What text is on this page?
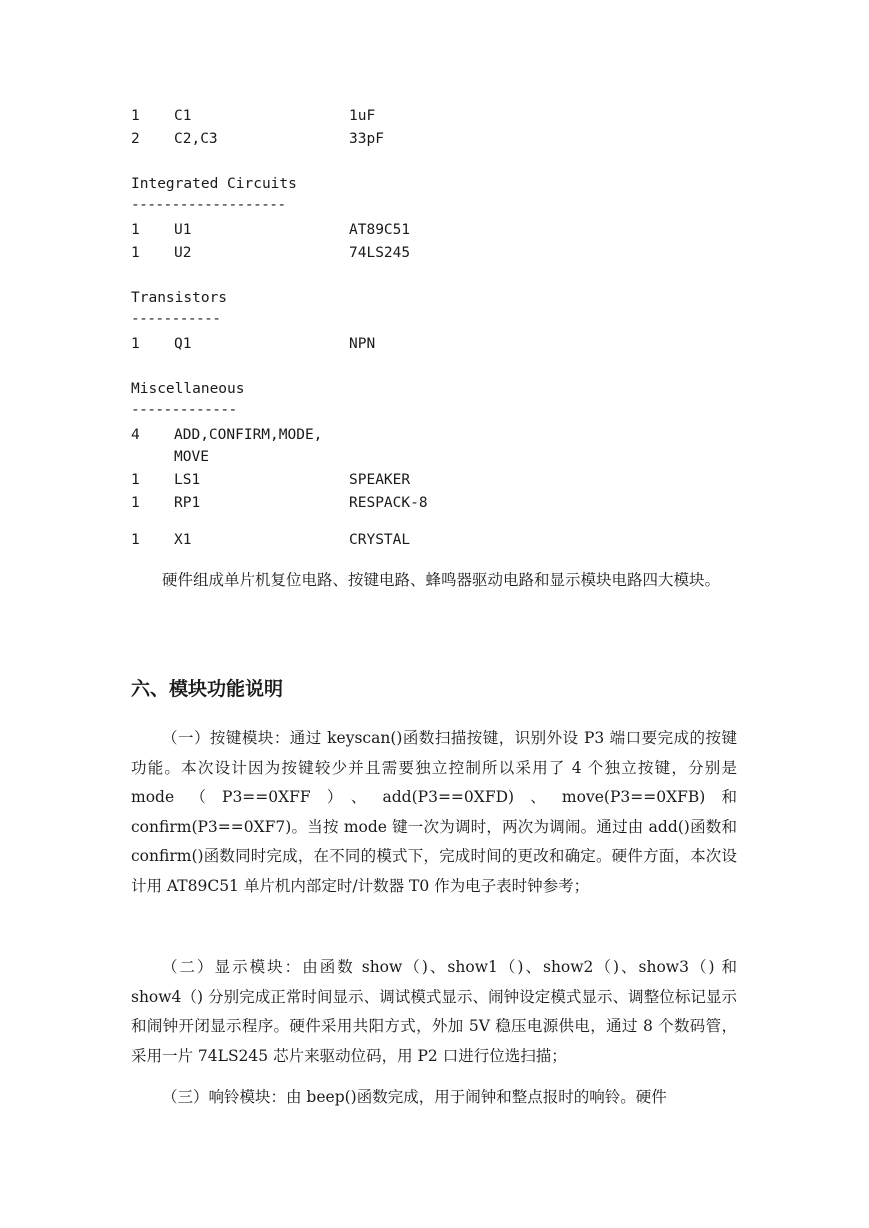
1 C1	1uF
2 C2,C3	33pF
Integrated Circuits
-------------------
1 U1	AT89C51
1 U2	74LS245
Transistors
-----------
1 Q1	NPN
Miscellaneous
-------------
4 ADD,CONFIRM,MODE,
MOVE
1 LS1	SPEAKER
1 RP1	RESPACK-8
1 X1	CRYSTAL
硬件组成单片机复位电路、按键电路、蜂鸣器驱动电路和显示模块电路四大模块。
六、模块功能说明
（一）按键模块：通过 keyscan()函数扫描按键，识别外设 P3 端口要完成的按键功能。本次设计因为按键较少并且需要独立控制所以采用了 4 个独立按键，分别是 mode（P3==0XFF）、add(P3==0XFD)、move(P3==0XFB)和 confirm(P3==0XF7)。当按 mode 键一次为调时，两次为调闹。通过由 add()函数和 confirm()函数同时完成，在不同的模式下，完成时间的更改和确定。硬件方面，本次设计用 AT89C51 单片机内部定时/计数器 T0 作为电子表时钟参考；
（二）显示模块：由函数 show（)、show1（)、show2（)、show3（) 和 show4（) 分别完成正常时间显示、调试模式显示、闹钟设定模式显示、调整位标记显示和闹钟开闭显示程序。硬件采用共阳方式，外加 5V 稳压电源供电，通过 8 个数码管，采用一片 74LS245 芯片来驱动位码，用 P2 口进行位选扫描；
（三）响铃模块：由 beep()函数完成，用于闹钟和整点报时的响铃。硬件
